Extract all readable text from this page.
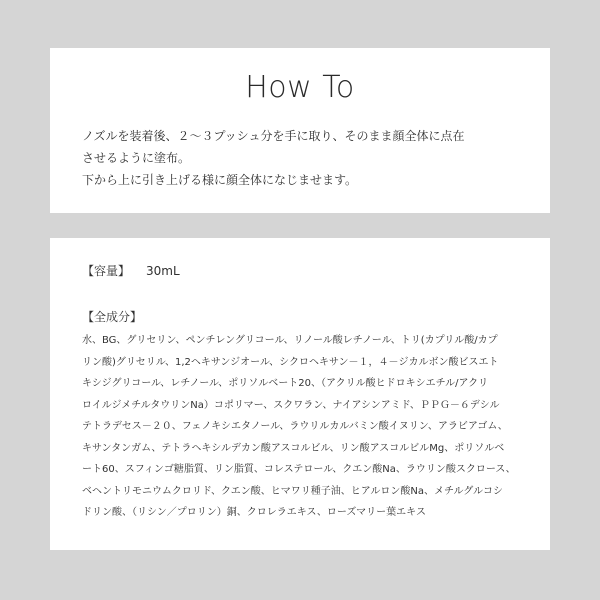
How To
ノズルを装着後、２～３プッシュ分を手に取り、そのまま顔全体に点在
させるように塗布。
下から上に引き上げる様に顔全体になじませます。
【容量】 30mL
【全成分】
水、BG、グリセリン、ペンチレングリコール、リノール酸レチノール、トリ(カプリル酸/カプ
リン酸)グリセリル、1,2ヘキサンジオール、シクロヘキサン－１，４－ジカルボン酸ビスエト
キシジグリコール、レチノール、ポリソルベート20、（アクリル酸ヒドロキシエチル/アクリ
ロイルジメチルタウリンNa）コポリマー、スクワラン、ナイアシンアミド、ＰＰＧ－６デシル
テトラデセス－２０、フェノキシエタノール、ラウリルカルバミン酸イヌリン、アラビアゴム、
キサンタンガム、テトラヘキシルデカン酸アスコルビル、リン酸アスコルビルMg、ポリソルベ
ート60、スフィンゴ糖脂質、リン脂質、コレステロール、クエン酸Na、ラウリン酸スクロース、
ベヘントリモニウムクロリド、クエン酸、ヒマワリ種子油、ヒアルロン酸Na、メチルグルコシ
ドリン酸、（リシン／プロリン）銅、クロレラエキス、ローズマリー葉エキス
